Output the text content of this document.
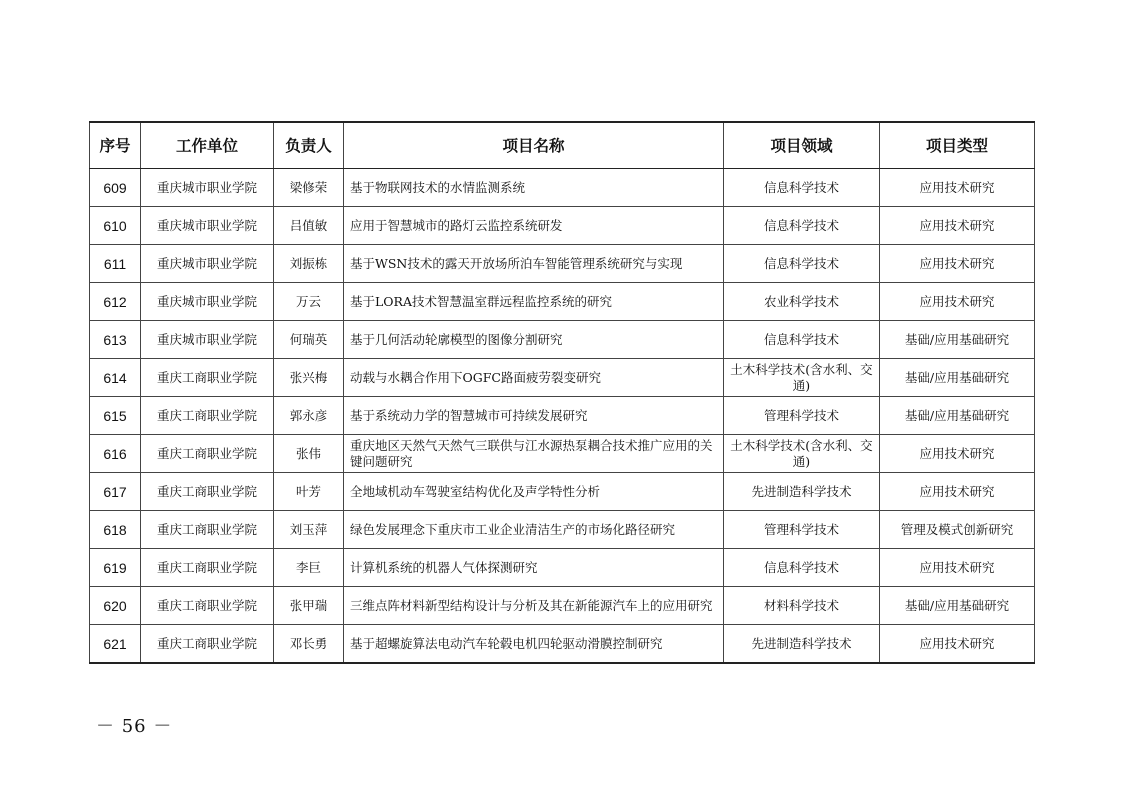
序号	工作单位	负责人	项目名称	项目领域	项目类型
609	重庆城市职业学院	梁修荣	基于物联网技术的水情监测系统	信息科学技术	应用技术研究
610	重庆城市职业学院	吕值敏	应用于智慧城市的路灯云监控系统研发	信息科学技术	应用技术研究
611	重庆城市职业学院	刘振栋	基于WSN技术的露天开放场所泊车智能管理系统研究与实现	信息科学技术	应用技术研究
612	重庆城市职业学院	万云	基于LORA技术智慧温室群远程监控系统的研究	农业科学技术	应用技术研究
613	重庆城市职业学院	何瑞英	基于几何活动轮廓模型的图像分割研究	信息科学技术	基础/应用基础研究
614	重庆工商职业学院	张兴梅	动载与水耦合作用下OGFC路面疲劳裂变研究	土木科学技术(含水利、交通)	基础/应用基础研究
615	重庆工商职业学院	郭永彦	基于系统动力学的智慧城市可持续发展研究	管理科学技术	基础/应用基础研究
616	重庆工商职业学院	张伟	重庆地区天然气天然气三联供与江水源热泵耦合技术推广应用的关键问题研究	土木科学技术(含水利、交通)	应用技术研究
617	重庆工商职业学院	叶芳	全地域机动车驾驶室结构优化及声学特性分析	先进制造科学技术	应用技术研究
618	重庆工商职业学院	刘玉萍	绿色发展理念下重庆市工业企业清洁生产的市场化路径研究	管理科学技术	管理及模式创新研究
619	重庆工商职业学院	李巨	计算机系统的机器人气体探测研究	信息科学技术	应用技术研究
620	重庆工商职业学院	张甲瑞	三维点阵材料新型结构设计与分析及其在新能源汽车上的应用研究	材料科学技术	基础/应用基础研究
621	重庆工商职业学院	邓长勇	基于超螺旋算法电动汽车轮毂电机四轮驱动滑膜控制研究	先进制造科学技术	应用技术研究
－ 56 －
